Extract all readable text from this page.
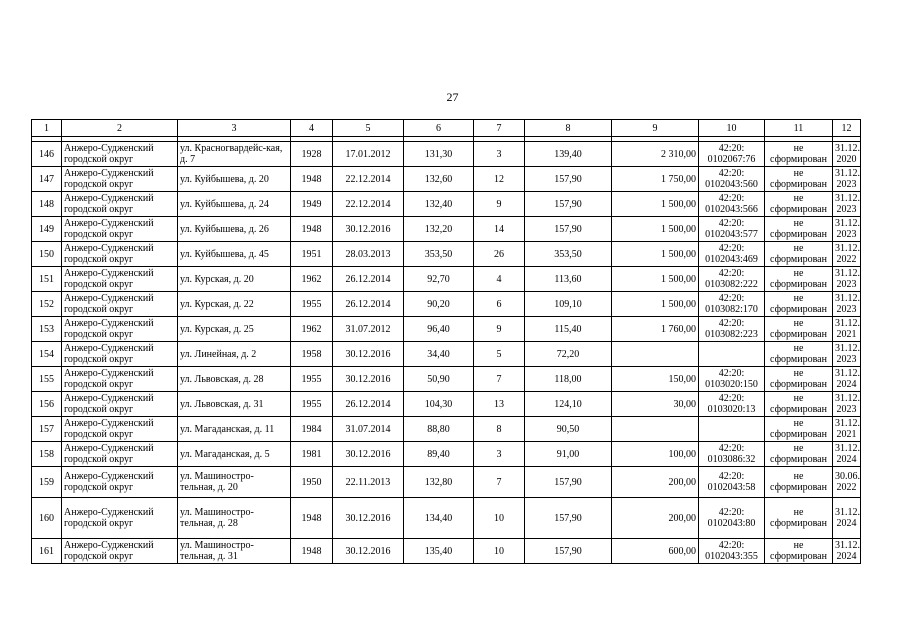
27
1	2	3	4	5	6	7	8	9	10	11	12

146	Анжеро-Судженский городской округ	ул. Красногвардейс-кая, д. 7	1928	17.01.2012	131,30	3	139,40	2 310,00	42:20: 0102067:76	не сформирован	31.12. 2020
147	Анжеро-Судженский городской округ	ул. Куйбышева, д. 20	1948	22.12.2014	132,60	12	157,90	1 750,00	42:20: 0102043:560	не сформирован	31.12. 2023
148	Анжеро-Судженский городской округ	ул. Куйбышева, д. 24	1949	22.12.2014	132,40	9	157,90	1 500,00	42:20: 0102043:566	не сформирован	31.12. 2023
149	Анжеро-Судженский городской округ	ул. Куйбышева, д. 26	1948	30.12.2016	132,20	14	157,90	1 500,00	42:20: 0102043:577	не сформирован	31.12. 2023
150	Анжеро-Судженский городской округ	ул. Куйбышева, д. 45	1951	28.03.2013	353,50	26	353,50	1 500,00	42:20: 0102043:469	не сформирован	31.12. 2022
151	Анжеро-Судженский городской округ	ул. Курская, д. 20	1962	26.12.2014	92,70	4	113,60	1 500,00	42:20: 0103082:222	не сформирован	31.12. 2023
152	Анжеро-Судженский городской округ	ул. Курская, д. 22	1955	26.12.2014	90,20	6	109,10	1 500,00	42:20: 0103082:170	не сформирован	31.12. 2023
153	Анжеро-Судженский городской округ	ул. Курская, д. 25	1962	31.07.2012	96,40	9	115,40	1 760,00	42:20: 0103082:223	не сформирован	31.12. 2021
154	Анжеро-Судженский городской округ	ул. Линейная, д. 2	1958	30.12.2016	34,40	5	72,20			не сформирован	31.12. 2023
155	Анжеро-Судженский городской округ	ул. Львовская, д. 28	1955	30.12.2016	50,90	7	118,00	150,00	42:20: 0103020:150	не сформирован	31.12. 2024
156	Анжеро-Судженский городской округ	ул. Львовская, д. 31	1955	26.12.2014	104,30	13	124,10	30,00	42:20: 0103020:13	не сформирован	31.12. 2023
157	Анжеро-Судженский городской округ	ул. Магаданская, д. 11	1984	31.07.2014	88,80	8	90,50			не сформирован	31.12. 2021
158	Анжеро-Судженский городской округ	ул. Магаданская, д. 5	1981	30.12.2016	89,40	3	91,00	100,00	42:20: 0103086:32	не сформирован	31.12. 2024
159	Анжеро-Судженский городской округ	ул. Машиностро-тельная, д. 20	1950	22.11.2013	132,80	7	157,90	200,00	42:20: 0102043:58	не сформирован	30.06. 2022
160	Анжеро-Судженский городской округ	ул. Машиностро-тельная, д. 28	1948	30.12.2016	134,40	10	157,90	200,00	42:20: 0102043:80	не сформирован	31.12. 2024
161	Анжеро-Судженский городской округ	ул. Машиностро-тельная, д. 31	1948	30.12.2016	135,40	10	157,90	600,00	42:20: 0102043:355	не сформирован	31.12. 2024
